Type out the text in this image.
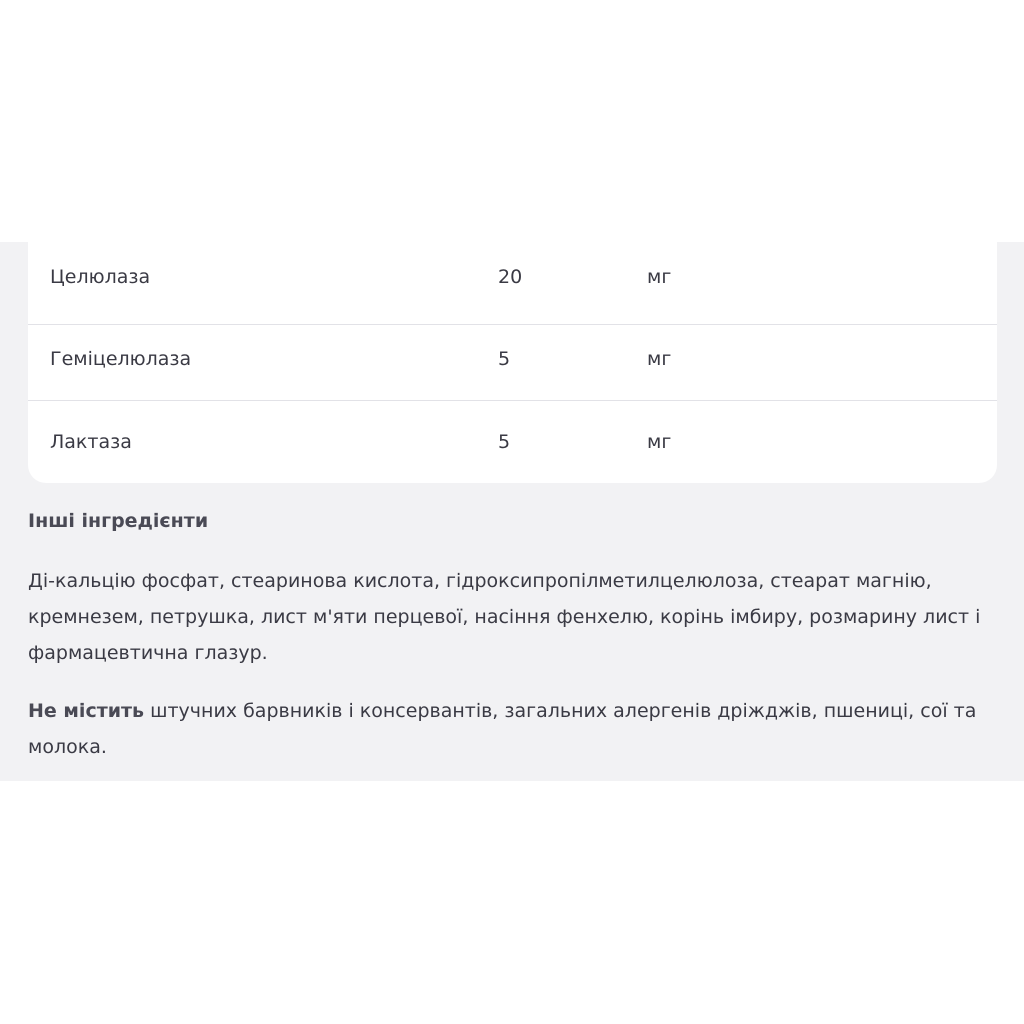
Целюлаза	20	мг
Геміцелюлаза	5	мг
Лактаза	5	мг
Інші інгредієнти

Ді-кальцію фосфат, стеаринова кислота, гідроксипропілметилцелюлоза, стеарат магнію, кремнезем, петрушка, лист м'яти перцевої, насіння фенхелю, корінь імбиру, розмарину лист і фармацевтична глазур.

Не містить штучних барвників і консервантів, загальних алергенів дріжджів, пшениці, сої та молока.
